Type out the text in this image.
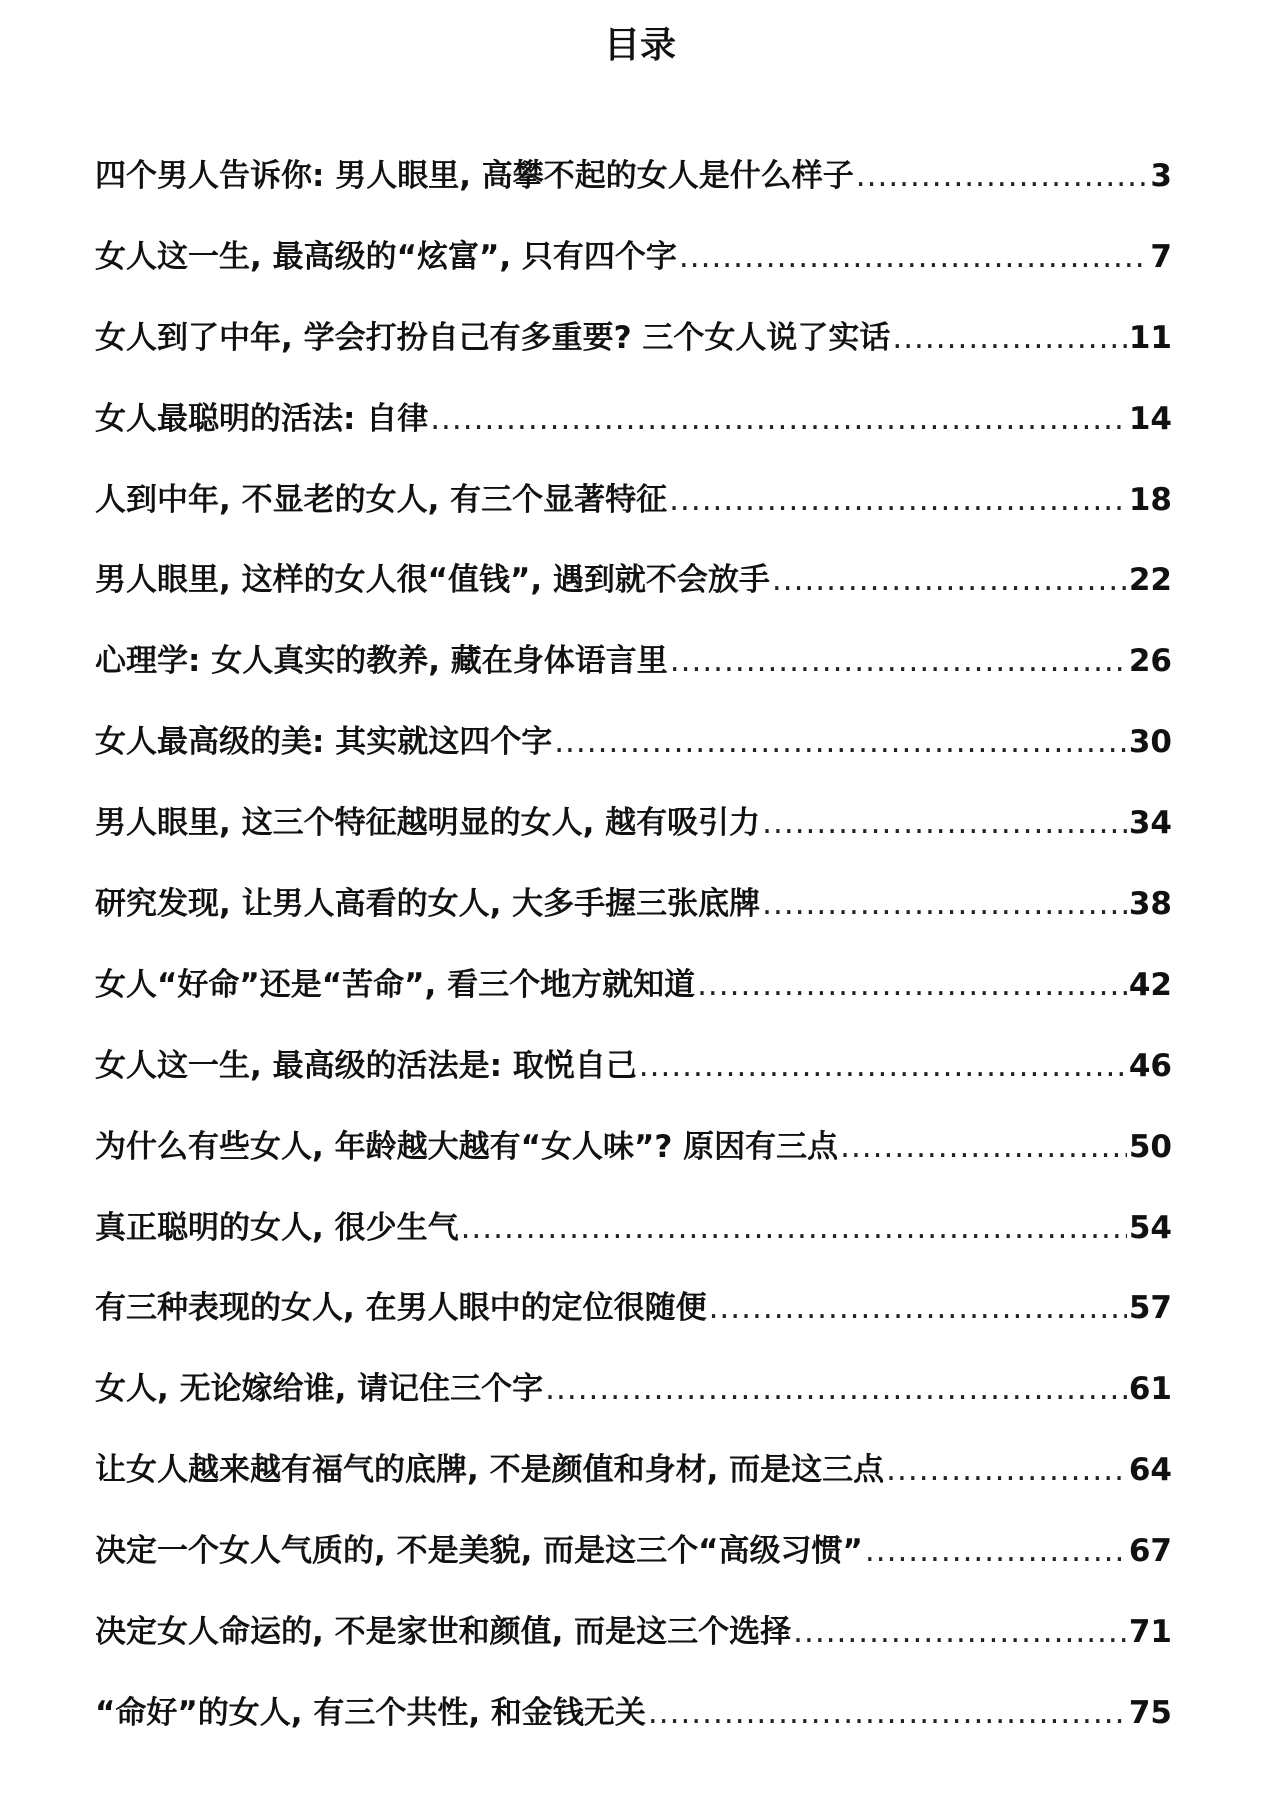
目录
四个男人告诉你: 男人眼里, 高攀不起的女人是什么样子 .....	3
女人这一生, 最高级的“炫富”, 只有四个字 .....	7
女人到了中年, 学会打扮自己有多重要? 三个女人说了实话 .....	11
女人最聪明的活法: 自律 .....	14
人到中年, 不显老的女人, 有三个显著特征 .....	18
男人眼里, 这样的女人很“值钱”, 遇到就不会放手 .....	22
心理学: 女人真实的教养, 藏在身体语言里 .....	26
女人最高级的美: 其实就这四个字 .....	30
男人眼里, 这三个特征越明显的女人, 越有吸引力 .....	34
研究发现, 让男人高看的女人, 大多手握三张底牌 .....	38
女人“好命”还是“苦命”, 看三个地方就知道 .....	42
女人这一生, 最高级的活法是: 取悦自己 .....	46
为什么有些女人, 年龄越大越有“女人味”? 原因有三点 .....	50
真正聪明的女人, 很少生气 .....	54
有三种表现的女人, 在男人眼中的定位很随便 .....	57
女人, 无论嫁给谁, 请记住三个字 .....	61
让女人越来越有福气的底牌, 不是颜值和身材, 而是这三点 .....	64
决定一个女人气质的, 不是美貌, 而是这三个“高级习惯” .....	67
决定女人命运的, 不是家世和颜值, 而是这三个选择 .....	71
“命好”的女人, 有三个共性, 和金钱无关 .....	75
